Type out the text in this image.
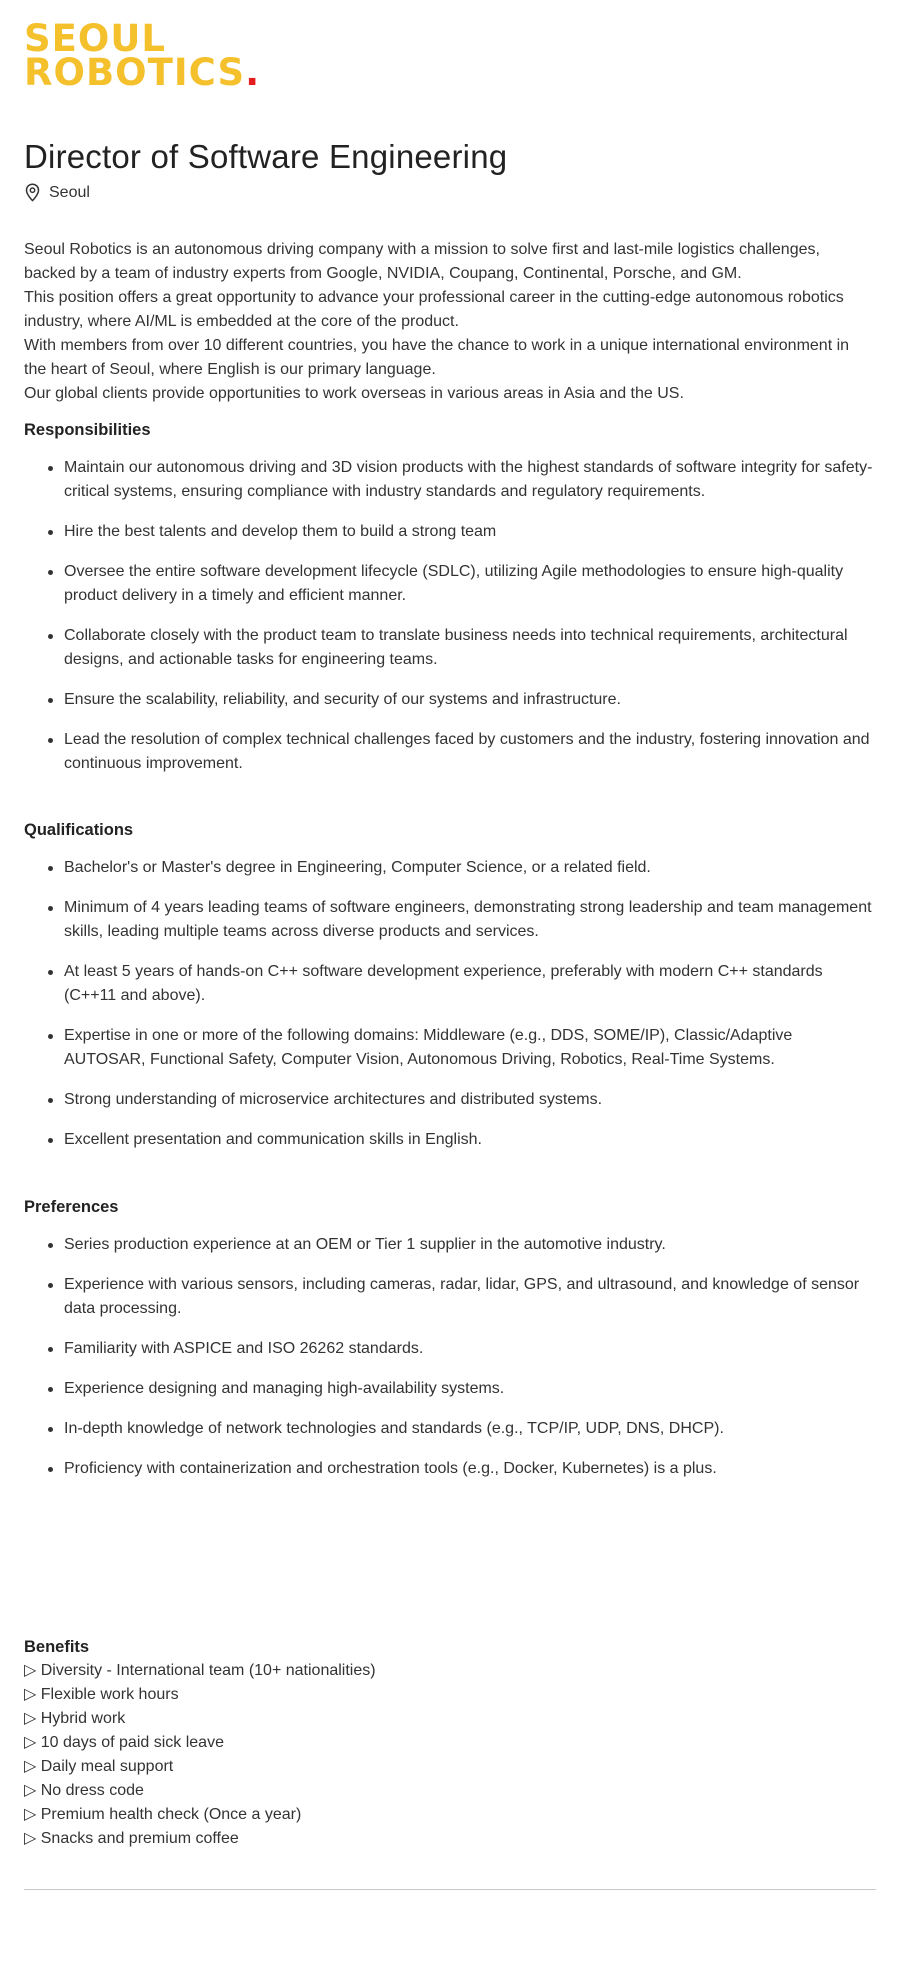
SEOUL
ROBOTICS.
Director of Software Engineering
Seoul

Seoul Robotics is an autonomous driving company with a mission to solve first and last-mile logistics challenges, backed by a team of industry experts from Google, NVIDIA, Coupang, Continental, Porsche, and GM.

This position offers a great opportunity to advance your professional career in the cutting-edge autonomous robotics industry, where AI/ML is embedded at the core of the product.

With members from over 10 different countries, you have the chance to work in a unique international environment in the heart of Seoul, where English is our primary language.

Our global clients provide opportunities to work overseas in various areas in Asia and the US.

Responsibilities
Maintain our autonomous driving and 3D vision products with the highest standards of software integrity for safety-critical systems, ensuring compliance with industry standards and regulatory requirements.
Hire the best talents and develop them to build a strong team
Oversee the entire software development lifecycle (SDLC), utilizing Agile methodologies to ensure high-quality product delivery in a timely and efficient manner.
Collaborate closely with the product team to translate business needs into technical requirements, architectural designs, and actionable tasks for engineering teams.
Ensure the scalability, reliability, and security of our systems and infrastructure.
Lead the resolution of complex technical challenges faced by customers and the industry, fostering innovation and continuous improvement.
Qualifications
Bachelor's or Master's degree in Engineering, Computer Science, or a related field.
Minimum of 4 years leading teams of software engineers, demonstrating strong leadership and team management skills, leading multiple teams across diverse products and services.
At least 5 years of hands-on C++ software development experience, preferably with modern C++ standards (C++11 and above).
Expertise in one or more of the following domains: Middleware (e.g., DDS, SOME/IP), Classic/Adaptive AUTOSAR, Functional Safety, Computer Vision, Autonomous Driving, Robotics, Real-Time Systems.
Strong understanding of microservice architectures and distributed systems.
Excellent presentation and communication skills in English.
Preferences
Series production experience at an OEM or Tier 1 supplier in the automotive industry.
Experience with various sensors, including cameras, radar, lidar, GPS, and ultrasound, and knowledge of sensor data processing.
Familiarity with ASPICE and ISO 26262 standards.
Experience designing and managing high-availability systems.
In-depth knowledge of network technologies and standards (e.g., TCP/IP, UDP, DNS, DHCP).
Proficiency with containerization and orchestration tools (e.g., Docker, Kubernetes) is a plus.
Benefits
▷ Diversity - International team (10+ nationalities)
▷ Flexible work hours
▷ Hybrid work
▷ 10 days of paid sick leave
▷ Daily meal support
▷ No dress code
▷ Premium health check (Once a year)
▷ Snacks and premium coffee
